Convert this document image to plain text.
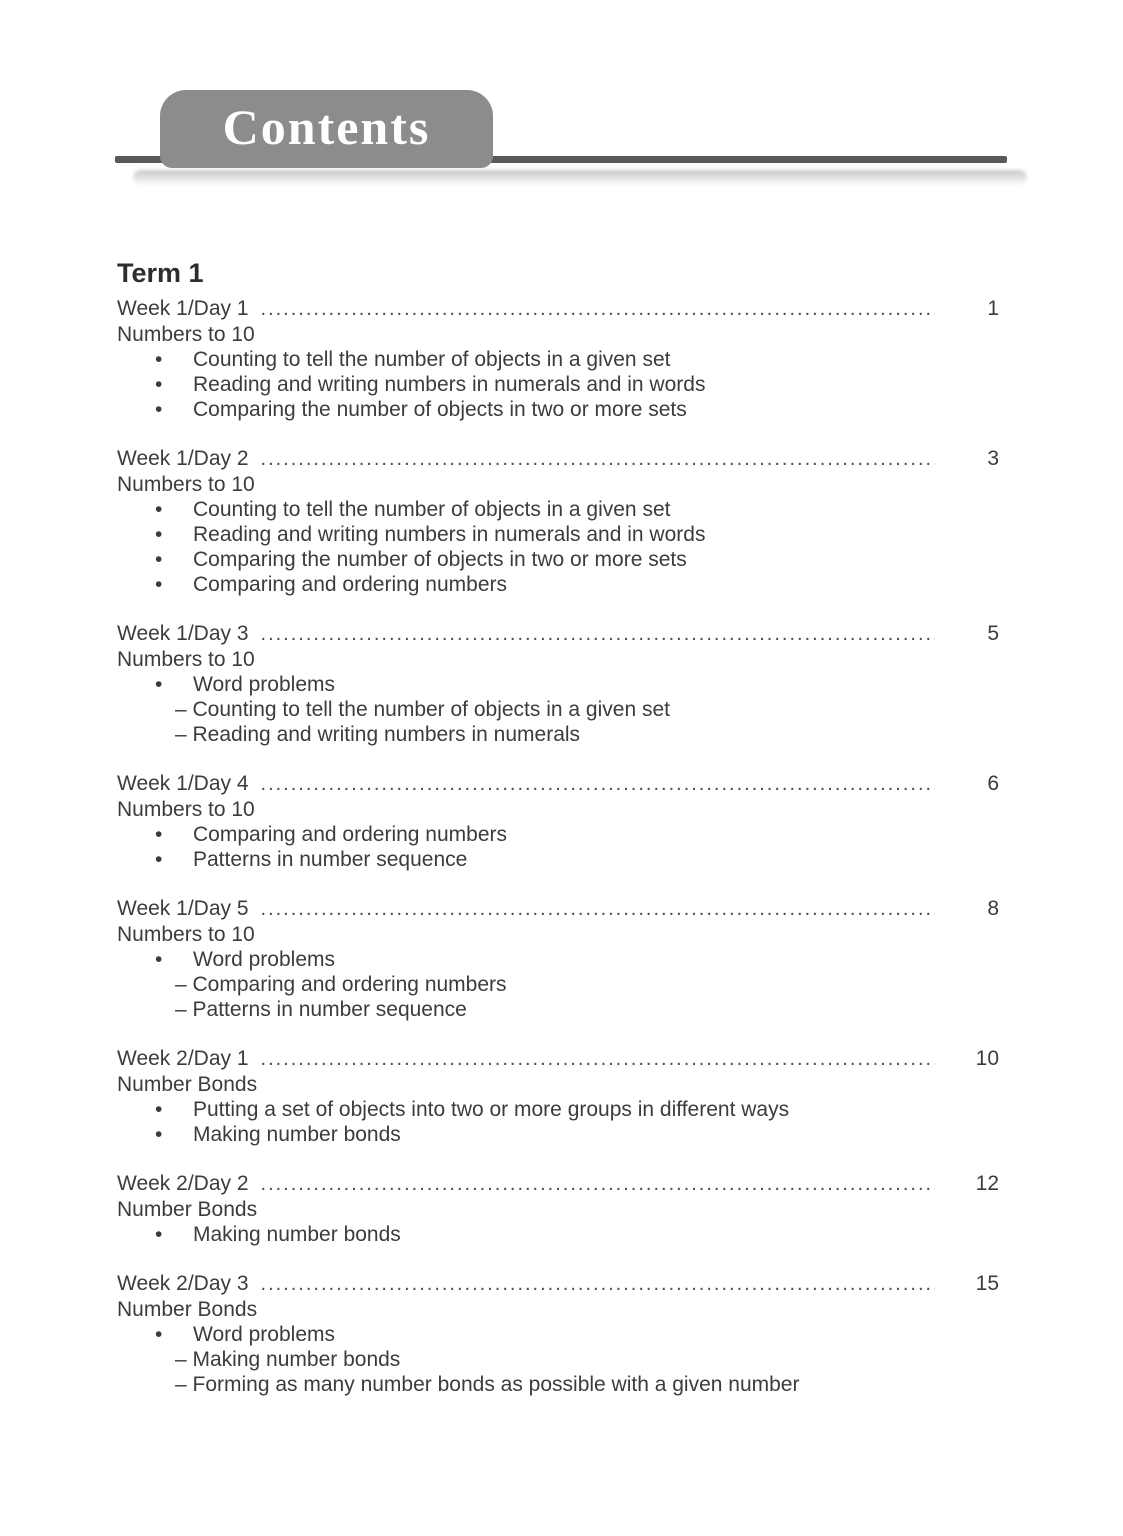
Contents
Term 1
Week 1/Day 1 .....	1
Numbers to 10
• Counting to tell the number of objects in a given set
• Reading and writing numbers in numerals and in words
• Comparing the number of objects in two or more sets
Week 1/Day 2 .....	3
Numbers to 10
• Counting to tell the number of objects in a given set
• Reading and writing numbers in numerals and in words
• Comparing the number of objects in two or more sets
• Comparing and ordering numbers
Week 1/Day 3 .....	5
Numbers to 10
• Word problems
– Counting to tell the number of objects in a given set
– Reading and writing numbers in numerals
Week 1/Day 4 .....	6
Numbers to 10
• Comparing and ordering numbers
• Patterns in number sequence
Week 1/Day 5 .....	8
Numbers to 10
• Word problems
– Comparing and ordering numbers
– Patterns in number sequence
Week 2/Day 1 .....	10
Number Bonds
• Putting a set of objects into two or more groups in different ways
• Making number bonds
Week 2/Day 2 .....	12
Number Bonds
• Making number bonds
Week 2/Day 3 .....	15
Number Bonds
• Word problems
– Making number bonds
– Forming as many number bonds as possible with a given number
